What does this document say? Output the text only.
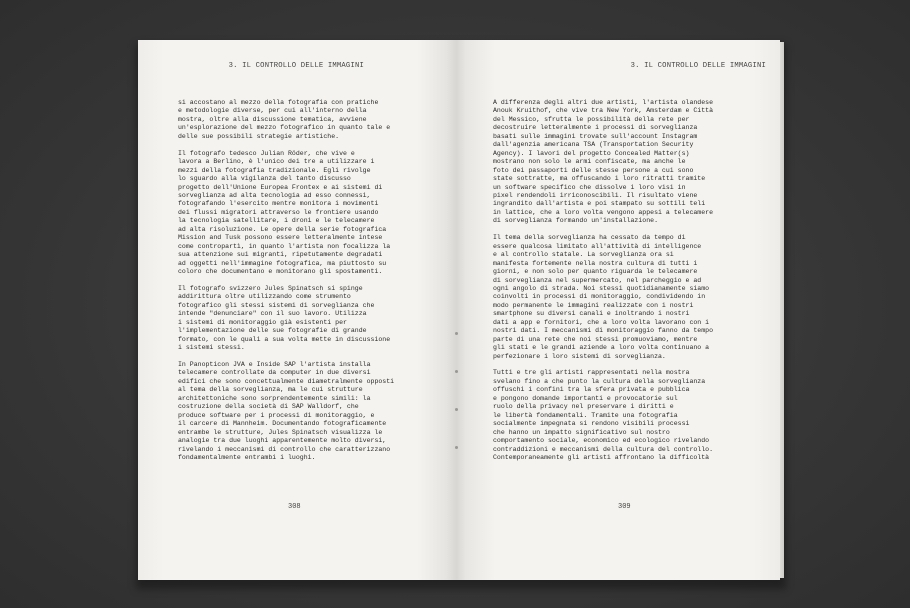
3. IL CONTROLLO DELLE IMMAGINI
si accostano al mezzo della fotografia con pratiche
e metodologie diverse, per cui all'interno della
mostra, oltre alla discussione tematica, avviene
un'esplorazione del mezzo fotografico in quanto tale e
delle sue possibili strategie artistiche.
Il fotografo tedesco Julian Röder, che vive e
lavora a Berlino, è l'unico dei tre a utilizzare i
mezzi della fotografia tradizionale. Egli rivolge
lo sguardo alla vigilanza del tanto discusso
progetto dell'Unione Europea Frontex e ai sistemi di
sorveglianza ad alta tecnologia ad esso connessi,
fotografando l'esercito mentre monitora i movimenti
dei flussi migratori attraverso le frontiere usando
la tecnologia satellitare, i droni e le telecamere
ad alta risoluzione. Le opere della serie fotografica
Mission and Tusk possono essere letteralmente intese
come contropartì, in quanto l'artista non focalizza la
sua attenzione sui migranti, ripetutamente degradati
ad oggetti nell'immagine fotografica, ma piuttosto su
coloro che documentano e monitorano gli spostamenti.
Il fotografo svizzero Jules Spinatsch si spinge
addirittura oltre utilizzando come strumento
fotografico gli stessi sistemi di sorveglianza che
intende "denunciare" con il suo lavoro. Utilizza
i sistemi di monitoraggio già esistenti per
l'implementazione delle sue fotografie di grande
formato, con le quali a sua volta mette in discussione
i sistemi stessi.
In Panopticon JVA e Inside SAP l'artista installa
telecamere controllate da computer in due diversi
edifici che sono concettualmente diametralmente opposti
al tema della sorveglianza, ma le cui strutture
architettoniche sono sorprendentemente simili: la
costruzione della società di SAP Walldorf, che
produce software per i processi di monitoraggio, e
il carcere di Mannheim. Documentando fotograficamente
entrambe le strutture, Jules Spinatsch visualizza le
analogie tra due luoghi apparentemente molto diversi,
rivelando i meccanismi di controllo che caratterizzano
fondamentalmente entrambi i luoghi.
308
3. IL CONTROLLO DELLE IMMAGINI
A differenza degli altri due artisti, l'artista olandese
Anouk Kruithof, che vive tra New York, Amsterdam e Città
del Messico, sfrutta le possibilità della rete per
decostruire letteralmente i processi di sorveglianza
basati sulle immagini trovate sull'account Instagram
dall'agenzia americana TSA (Transportation Security
Agency). I lavori del progetto Concealed Matter(s)
mostrano non solo le armi confiscate, ma anche le
foto dei passaporti delle stesse persone a cui sono
state sottratte, ma offuscando i loro ritratti tramite
un software specifico che dissolve i loro visi in
pixel rendendoli irriconoscibili. Il risultato viene
ingrandito dall'artista e poi stampato su sottili teli
in lattice, che a loro volta vengono appesi a telecamere
di sorveglianza formando un'installazione.
Il tema della sorveglianza ha cessato da tempo di
essere qualcosa limitato all'attività di intelligence
e al controllo statale. La sorveglianza ora si
manifesta fortemente nella nostra cultura di tutti i
giorni, e non solo per quanto riguarda le telecamere
di sorveglianza nel supermercato, nel parcheggio e ad
ogni angolo di strada. Noi stessi quotidianamente siamo
coinvolti in processi di monitoraggio, condividendo in
modo permanente le immagini realizzate con i nostri
smartphone su diversi canali e inoltrando i nostri
dati a app e fornitori, che a loro volta lavorano con i
nostri dati. I meccanismi di monitoraggio fanno da tempo
parte di una rete che noi stessi promuoviamo, mentre
gli stati e le grandi aziende a loro volta continuano a
perfezionare i loro sistemi di sorveglianza.
Tutti e tre gli artisti rappresentati nella mostra
svelano fino a che punto la cultura della sorveglianza
offuschi i confini tra la sfera privata e pubblica
e pongono domande importanti e provocatorie sul
ruolo della privacy nel preservare i diritti e
le libertà fondamentali. Tramite una fotografia
socialmente impegnata si rendono visibili processi
che hanno un impatto significativo sul nostro
comportamento sociale, economico ed ecologico rivelando
contraddizioni e meccanismi della cultura del controllo.
Contemporaneamente gli artisti affrontano la difficoltà
309
